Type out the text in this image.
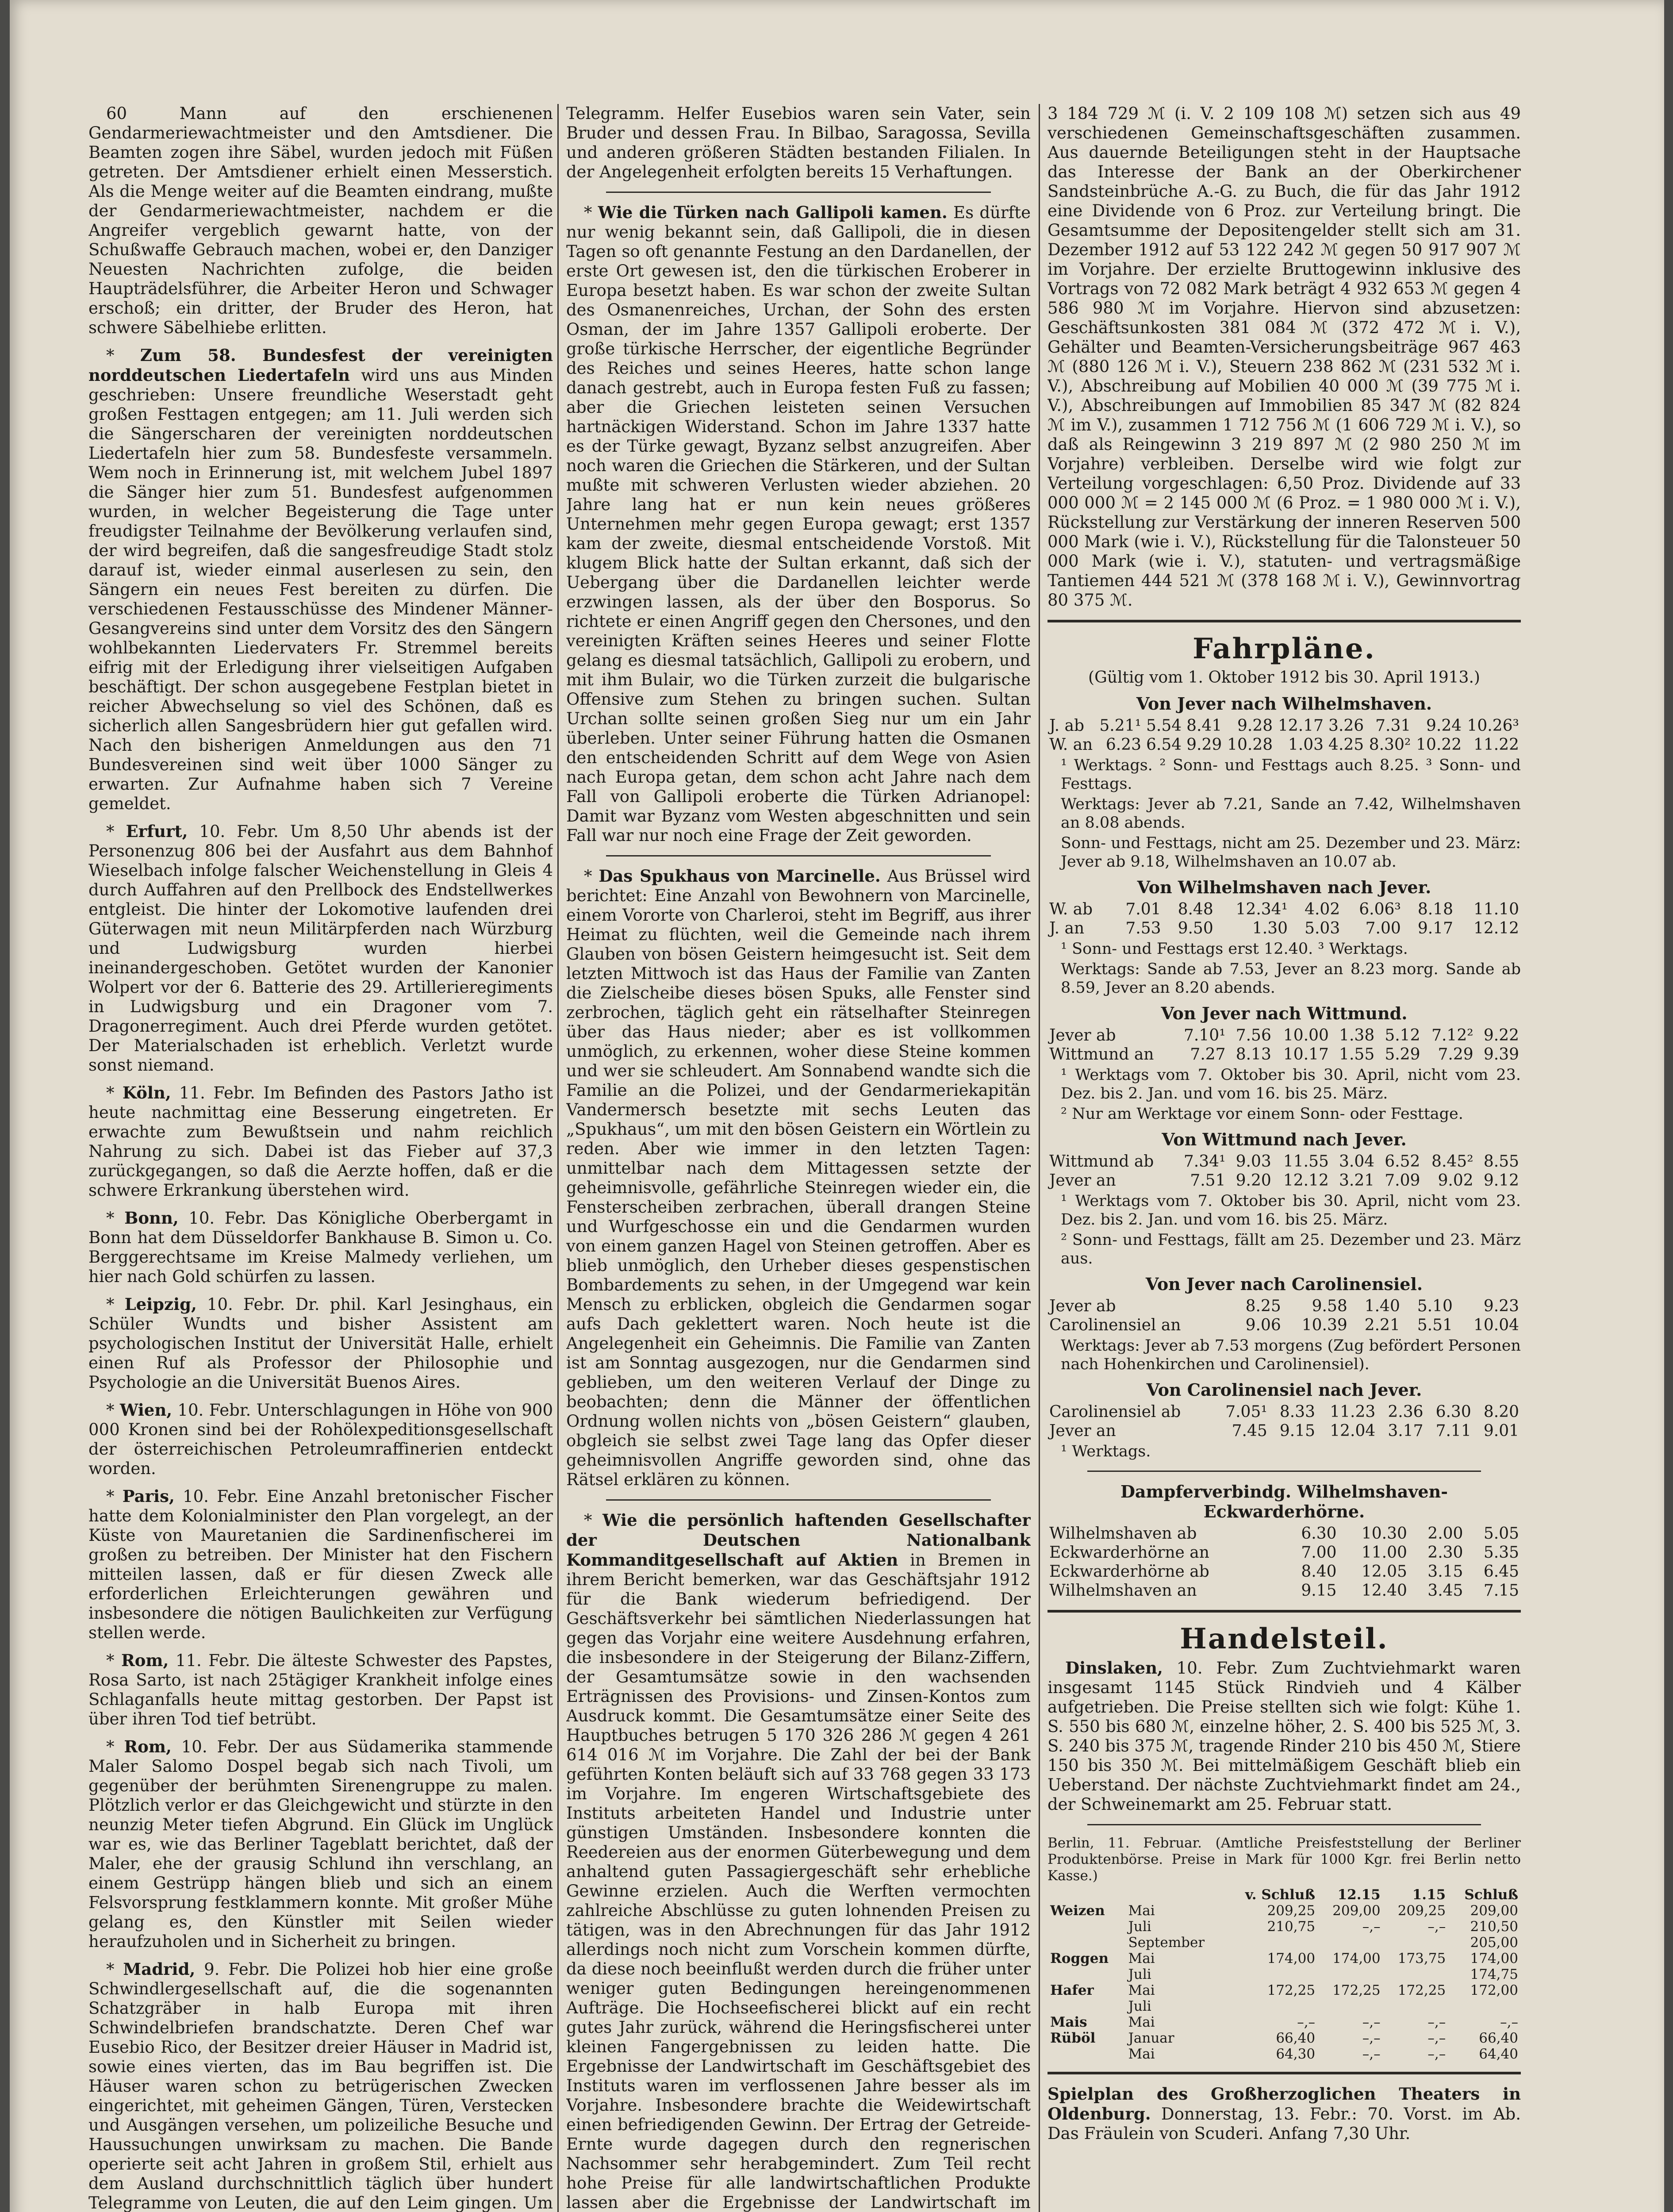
60 Mann auf den erschienenen Gendarmeriewachtmeister und den Amtsdiener. Die Beamten zogen ihre Säbel, wurden jedoch mit Füßen getreten. Der Amtsdiener erhielt einen Messerstich. Als die Menge weiter auf die Beamten eindrang, mußte der Gendarmeriewachtmeister, nachdem er die Angreifer vergeblich gewarnt hatte, von der Schußwaffe Gebrauch machen, wobei er, den Danziger Neuesten Nachrichten zufolge, die beiden Haupträdelsführer, die Arbeiter Heron und Schwager erschoß; ein dritter, der Bruder des Heron, hat schwere Säbelhiebe erlitten.

* Zum 58. Bundesfest der vereinigten norddeutschen Liedertafeln wird uns aus Minden geschrieben: Unsere freundliche Weserstadt geht großen Festtagen entgegen; am 11. Juli werden sich die Sängerscharen der vereinigten norddeutschen Liedertafeln hier zum 58. Bundesfeste versammeln. Wem noch in Erinnerung ist, mit welchem Jubel 1897 die Sänger hier zum 51. Bundesfest aufgenommen wurden, in welcher Begeisterung die Tage unter freudigster Teilnahme der Bevölkerung verlaufen sind, der wird begreifen, daß die sangesfreudige Stadt stolz darauf ist, wieder einmal auserlesen zu sein, den Sängern ein neues Fest bereiten zu dürfen. Die verschiedenen Festausschüsse des Mindener Männer-Gesangvereins sind unter dem Vorsitz des den Sängern wohlbekannten Liedervaters Fr. Stremmel bereits eifrig mit der Erledigung ihrer vielseitigen Aufgaben beschäftigt. Der schon ausgegebene Festplan bietet in reicher Abwechselung so viel des Schönen, daß es sicherlich allen Sangesbrüdern hier gut gefallen wird. Nach den bisherigen Anmeldungen aus den 71 Bundesvereinen sind weit über 1000 Sänger zu erwarten. Zur Aufnahme haben sich 7 Vereine gemeldet.

* Erfurt, 10. Febr. Um 8,50 Uhr abends ist der Personenzug 806 bei der Ausfahrt aus dem Bahnhof Wieselbach infolge falscher Weichenstellung in Gleis 4 durch Auffahren auf den Prellbock des Endstellwerkes entgleist. Die hinter der Lokomotive laufenden drei Güterwagen mit neun Militärpferden nach Würzburg und Ludwigsburg wurden hierbei ineinandergeschoben. Getötet wurden der Kanonier Wolpert vor der 6. Batterie des 29. Artillerieregiments in Ludwigsburg und ein Dragoner vom 7. Dragonerregiment. Auch drei Pferde wurden getötet. Der Materialschaden ist erheblich. Verletzt wurde sonst niemand.

* Köln, 11. Febr. Im Befinden des Pastors Jatho ist heute nachmittag eine Besserung eingetreten. Er erwachte zum Bewußtsein und nahm reichlich Nahrung zu sich. Dabei ist das Fieber auf 37,3 zurückgegangen, so daß die Aerzte hoffen, daß er die schwere Erkrankung überstehen wird.

* Bonn, 10. Febr. Das Königliche Oberbergamt in Bonn hat dem Düsseldorfer Bankhause B. Simon u. Co. Berggerechtsame im Kreise Malmedy verliehen, um hier nach Gold schürfen zu lassen.

* Leipzig, 10. Febr. Dr. phil. Karl Jesinghaus, ein Schüler Wundts und bisher Assistent am psychologischen Institut der Universität Halle, erhielt einen Ruf als Professor der Philosophie und Psychologie an die Universität Buenos Aires.

* Wien, 10. Febr. Unterschlagungen in Höhe von 900 000 Kronen sind bei der Rohölexpeditionsgesellschaft der österreichischen Petroleumraffinerien entdeckt worden.

* Paris, 10. Febr. Eine Anzahl bretonischer Fischer hatte dem Kolonialminister den Plan vorgelegt, an der Küste von Mauretanien die Sardinenfischerei im großen zu betreiben. Der Minister hat den Fischern mitteilen lassen, daß er für diesen Zweck alle erforderlichen Erleichterungen gewähren und insbesondere die nötigen Baulichkeiten zur Verfügung stellen werde.

* Rom, 11. Febr. Die älteste Schwester des Papstes, Rosa Sarto, ist nach 25tägiger Krankheit infolge eines Schlaganfalls heute mittag gestorben. Der Papst ist über ihren Tod tief betrübt.

* Rom, 10. Febr. Der aus Südamerika stammende Maler Salomo Dospel begab sich nach Tivoli, um gegenüber der berühmten Sirenengruppe zu malen. Plötzlich verlor er das Gleichgewicht und stürzte in den neunzig Meter tiefen Abgrund. Ein Glück im Unglück war es, wie das Berliner Tageblatt berichtet, daß der Maler, ehe der grausig Schlund ihn verschlang, an einem Gestrüpp hängen blieb und sich an einem Felsvorsprung festklammern konnte. Mit großer Mühe gelang es, den Künstler mit Seilen wieder heraufzuholen und in Sicherheit zu bringen.

* Madrid, 9. Febr. Die Polizei hob hier eine große Schwindlergesellschaft auf, die die sogenannten Schatzgräber in halb Europa mit ihren Schwindelbriefen brandschatzte. Deren Chef war Eusebio Rico, der Besitzer dreier Häuser in Madrid ist, sowie eines vierten, das im Bau begriffen ist. Die Häuser waren schon zu betrügerischen Zwecken eingerichtet, mit geheimen Gängen, Türen, Verstecken und Ausgängen versehen, um polizeiliche Besuche und Haussuchungen unwirksam zu machen. Die Bande operierte seit acht Jahren in großem Stil, erhielt aus dem Ausland durchschnittlich täglich über hundert Telegramme von Leuten, die auf den Leim gingen. Um

Telegramm. Helfer Eusebios waren sein Vater, sein Bruder und dessen Frau. In Bilbao, Saragossa, Sevilla und anderen größeren Städten bestanden Filialen. In der Angelegenheit erfolgten bereits 15 Verhaftungen.

* Wie die Türken nach Gallipoli kamen. Es dürfte nur wenig bekannt sein, daß Gallipoli, die in diesen Tagen so oft genannte Festung an den Dardanellen, der erste Ort gewesen ist, den die türkischen Eroberer in Europa besetzt haben. Es war schon der zweite Sultan des Osmanenreiches, Urchan, der Sohn des ersten Osman, der im Jahre 1357 Gallipoli eroberte. Der große türkische Herrscher, der eigentliche Begründer des Reiches und seines Heeres, hatte schon lange danach gestrebt, auch in Europa festen Fuß zu fassen; aber die Griechen leisteten seinen Versuchen hartnäckigen Widerstand. Schon im Jahre 1337 hatte es der Türke gewagt, Byzanz selbst anzugreifen. Aber noch waren die Griechen die Stärkeren, und der Sultan mußte mit schweren Verlusten wieder abziehen. 20 Jahre lang hat er nun kein neues größeres Unternehmen mehr gegen Europa gewagt; erst 1357 kam der zweite, diesmal entscheidende Vorstoß. Mit klugem Blick hatte der Sultan erkannt, daß sich der Uebergang über die Dardanellen leichter werde erzwingen lassen, als der über den Bosporus. So richtete er einen Angriff gegen den Chersones, und den vereinigten Kräften seines Heeres und seiner Flotte gelang es diesmal tatsächlich, Gallipoli zu erobern, und mit ihm Bulair, wo die Türken zurzeit die bulgarische Offensive zum Stehen zu bringen suchen. Sultan Urchan sollte seinen großen Sieg nur um ein Jahr überleben. Unter seiner Führung hatten die Osmanen den entscheidenden Schritt auf dem Wege von Asien nach Europa getan, dem schon acht Jahre nach dem Fall von Gallipoli eroberte die Türken Adrianopel: Damit war Byzanz vom Westen abgeschnitten und sein Fall war nur noch eine Frage der Zeit geworden.

* Das Spukhaus von Marcinelle. Aus Brüssel wird berichtet: Eine Anzahl von Bewohnern von Marcinelle, einem Vororte von Charleroi, steht im Begriff, aus ihrer Heimat zu flüchten, weil die Gemeinde nach ihrem Glauben von bösen Geistern heimgesucht ist. Seit dem letzten Mittwoch ist das Haus der Familie van Zanten die Zielscheibe dieses bösen Spuks, alle Fenster sind zerbrochen, täglich geht ein rätselhafter Steinregen über das Haus nieder; aber es ist vollkommen unmöglich, zu erkennen, woher diese Steine kommen und wer sie schleudert. Am Sonnabend wandte sich die Familie an die Polizei, und der Gendarmeriekapitän Vandermersch besetzte mit sechs Leuten das „Spukhaus“, um mit den bösen Geistern ein Wörtlein zu reden. Aber wie immer in den letzten Tagen: unmittelbar nach dem Mittagessen setzte der geheimnisvolle, gefährliche Steinregen wieder ein, die Fensterscheiben zerbrachen, überall drangen Steine und Wurfgeschosse ein und die Gendarmen wurden von einem ganzen Hagel von Steinen getroffen. Aber es blieb unmöglich, den Urheber dieses gespenstischen Bombardements zu sehen, in der Umgegend war kein Mensch zu erblicken, obgleich die Gendarmen sogar aufs Dach geklettert waren. Noch heute ist die Angelegenheit ein Geheimnis. Die Familie van Zanten ist am Sonntag ausgezogen, nur die Gendarmen sind geblieben, um den weiteren Verlauf der Dinge zu beobachten; denn die Männer der öffentlichen Ordnung wollen nichts von „bösen Geistern“ glauben, obgleich sie selbst zwei Tage lang das Opfer dieser geheimnisvollen Angriffe geworden sind, ohne das Rätsel erklären zu können.

* Wie die persönlich haftenden Gesellschafter der Deutschen Nationalbank Kommanditgesellschaft auf Aktien in Bremen in ihrem Bericht bemerken, war das Geschäftsjahr 1912 für die Bank wiederum befriedigend. Der Geschäftsverkehr bei sämtlichen Niederlassungen hat gegen das Vorjahr eine weitere Ausdehnung erfahren, die insbesondere in der Steigerung der Bilanz-Ziffern, der Gesamtumsätze sowie in den wachsenden Erträgnissen des Provisions- und Zinsen-Kontos zum Ausdruck kommt. Die Gesamtumsätze einer Seite des Hauptbuches betrugen 5 170 326 286 ℳ gegen 4 261 614 016 ℳ im Vorjahre. Die Zahl der bei der Bank geführten Konten beläuft sich auf 33 768 gegen 33 173 im Vorjahre. Im engeren Wirtschaftsgebiete des Instituts arbeiteten Handel und Industrie unter günstigen Umständen. Insbesondere konnten die Reedereien aus der enormen Güterbewegung und dem anhaltend guten Passagiergeschäft sehr erhebliche Gewinne erzielen. Auch die Werften vermochten zahlreiche Abschlüsse zu guten lohnenden Preisen zu tätigen, was in den Abrechnungen für das Jahr 1912 allerdings noch nicht zum Vorschein kommen dürfte, da diese noch beeinflußt werden durch die früher unter weniger guten Bedingungen hereingenommenen Aufträge. Die Hochseefischerei blickt auf ein recht gutes Jahr zurück, während die Heringsfischerei unter kleinen Fangergebnissen zu leiden hatte. Die Ergebnisse der Landwirtschaft im Geschäftsgebiet des Instituts waren im verflossenen Jahre besser als im Vorjahre. Insbesondere brachte die Weidewirtschaft einen befriedigenden Gewinn. Der Ertrag der Getreide-Ernte wurde dagegen durch den regnerischen Nachsommer sehr herabgemindert. Zum Teil recht hohe Preise für alle landwirtschaftlichen Produkte lassen aber die Ergebnisse der Landwirtschaft im

3 184 729 ℳ (i. V. 2 109 108 ℳ) setzen sich aus 49 verschiedenen Gemeinschaftsgeschäften zusammen. Aus dauernde Beteiligungen steht in der Hauptsache das Interesse der Bank an der Oberkirchener Sandsteinbrüche A.-G. zu Buch, die für das Jahr 1912 eine Dividende von 6 Proz. zur Verteilung bringt. Die Gesamtsumme der Depositengelder stellt sich am 31. Dezember 1912 auf 53 122 242 ℳ gegen 50 917 907 ℳ im Vorjahre. Der erzielte Bruttogewinn inklusive des Vortrags von 72 082 Mark beträgt 4 932 653 ℳ gegen 4 586 980 ℳ im Vorjahre. Hiervon sind abzusetzen: Geschäftsunkosten 381 084 ℳ (372 472 ℳ i. V.), Gehälter und Beamten-Versicherungsbeiträge 967 463 ℳ (880 126 ℳ i. V.), Steuern 238 862 ℳ (231 532 ℳ i. V.), Abschreibung auf Mobilien 40 000 ℳ (39 775 ℳ i. V.), Abschreibungen auf Immobilien 85 347 ℳ (82 824 ℳ im V.), zusammen 1 712 756 ℳ (1 606 729 ℳ i. V.), so daß als Reingewinn 3 219 897 ℳ (2 980 250 ℳ im Vorjahre) verbleiben. Derselbe wird wie folgt zur Verteilung vorgeschlagen: 6,50 Proz. Dividende auf 33 000 000 ℳ = 2 145 000 ℳ (6 Proz. = 1 980 000 ℳ i. V.), Rückstellung zur Verstärkung der inneren Reserven 500 000 Mark (wie i. V.), Rückstellung für die Talonsteuer 50 000 Mark (wie i. V.), statuten- und vertragsmäßige Tantiemen 444 521 ℳ (378 168 ℳ i. V.), Gewinnvortrag 80 375 ℳ.

Fahrpläne.
(Gültig vom 1. Oktober 1912 bis 30. April 1913.)
Von Jever nach Wilhelmshaven.
J. ab	5.21¹	5.54	8.41	9.28	12.17	3.26	7.31	9.24	10.26³
W. an	6.23	6.54	9.29	10.28	1.03	4.25	8.30²	10.22	11.22
¹ Werktags. ² Sonn- und Festtags auch 8.25. ³ Sonn- und Festtags.
Werktags: Jever ab 7.21, Sande an 7.42, Wilhelmshaven an 8.08 abends.
Sonn- und Festtags, nicht am 25. Dezember und 23. März: Jever ab 9.18, Wilhelmshaven an 10.07 ab.
Von Wilhelmshaven nach Jever.
W. ab	7.01	8.48	12.34¹	4.02	6.06³	8.18	11.10
J. an	7.53	9.50	1.30	5.03	7.00	9.17	12.12
¹ Sonn- und Festtags erst 12.40. ³ Werktags.
Werktags: Sande ab 7.53, Jever an 8.23 morg. Sande ab 8.59, Jever an 8.20 abends.
Von Jever nach Wittmund.
Jever ab	7.10¹	7.56	10.00	1.38	5.12	7.12²	9.22
Wittmund an	7.27	8.13	10.17	1.55	5.29	7.29	9.39
¹ Werktags vom 7. Oktober bis 30. April, nicht vom 23. Dez. bis 2. Jan. und vom 16. bis 25. März.
² Nur am Werktage vor einem Sonn- oder Festtage.
Von Wittmund nach Jever.
Wittmund ab	7.34¹	9.03	11.55	3.04	6.52	8.45²	8.55
Jever an	7.51	9.20	12.12	3.21	7.09	9.02	9.12
¹ Werktags vom 7. Oktober bis 30. April, nicht vom 23. Dez. bis 2. Jan. und vom 16. bis 25. März.
² Sonn- und Festtags, fällt am 25. Dezember und 23. März aus.
Von Jever nach Carolinensiel.
Jever ab	8.25	9.58	1.40	5.10	9.23
Carolinensiel an	9.06	10.39	2.21	5.51	10.04
Werktags: Jever ab 7.53 morgens (Zug befördert Personen nach Hohenkirchen und Carolinensiel).
Von Carolinensiel nach Jever.
Carolinensiel ab	7.05¹	8.33	11.23	2.36	6.30	8.20
Jever an	7.45	9.15	12.04	3.17	7.11	9.01
¹ Werktags.
Dampferverbindg. Wilhelmshaven-Eckwarderhörne.
Wilhelmshaven ab	6.30	10.30	2.00	5.05
Eckwarderhörne an	7.00	11.00	2.30	5.35
Eckwarderhörne ab	8.40	12.05	3.15	6.45
Wilhelmshaven an	9.15	12.40	3.45	7.15
Handelsteil.

Dinslaken, 10. Febr. Zum Zuchtviehmarkt waren insgesamt 1145 Stück Rindvieh und 4 Kälber aufgetrieben. Die Preise stellten sich wie folgt: Kühe 1. S. 550 bis 680 ℳ, einzelne höher, 2. S. 400 bis 525 ℳ, 3. S. 240 bis 375 ℳ, tragende Rinder 210 bis 450 ℳ, Stiere 150 bis 350 ℳ. Bei mittelmäßigem Geschäft blieb ein Ueberstand. Der nächste Zuchtviehmarkt findet am 24., der Schweinemarkt am 25. Februar statt.

Berlin, 11. Februar. (Amtliche Preisfeststellung der Berliner Produktenbörse. Preise in Mark für 1000 Kgr. frei Berlin netto Kasse.)
		v. Schluß	12.15	1.15	Schluß
Weizen	Mai	209,25	209,00	209,25	209,00
	Juli	210,75	–,–	–,–	210,50
	September				205,00
Roggen	Mai	174,00	174,00	173,75	174,00
	Juli				174,75
Hafer	Mai	172,25	172,25	172,25	172,00
	Juli				
Mais	Mai	–,–	–,–	–,–	–,–
Rüböl	Januar	66,40	–,–	–,–	66,40
	Mai	64,30	–,–	–,–	64,40

Spielplan des Großherzoglichen Theaters in Oldenburg. Donnerstag, 13. Febr.: 70. Vorst. im Ab. Das Fräulein von Scuderi. Anfang 7,30 Uhr.
